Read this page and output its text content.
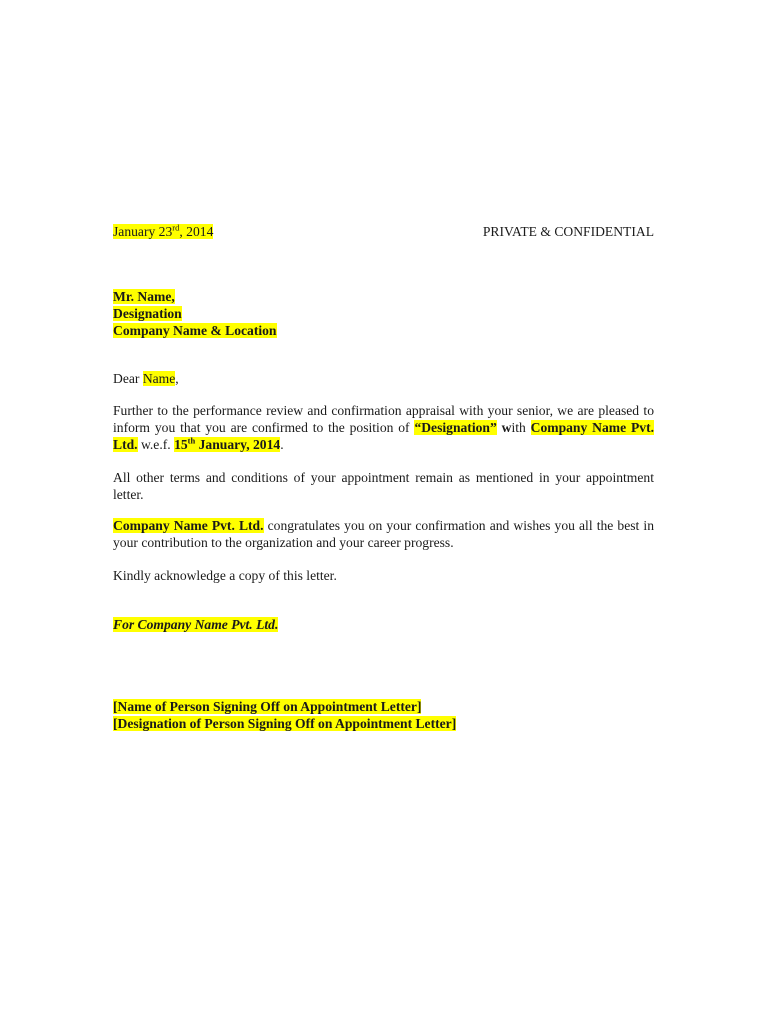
January 23rd, 2014	PRIVATE & CONFIDENTIAL
Mr. Name,
Designation
Company Name & Location
Dear Name,
Further to the performance review and confirmation appraisal with your senior, we are pleased to
inform you that you are confirmed to the position of “Designation” with Company Name Pvt.
Ltd. w.e.f. 15th January, 2014.
All other terms and conditions of your appointment remain as mentioned in your appointment
letter.
Company Name Pvt. Ltd. congratulates you on your confirmation and wishes you all the best in
your contribution to the organization and your career progress.
Kindly acknowledge a copy of this letter.
For Company Name Pvt. Ltd.
[Name of Person Signing Off on Appointment Letter]
[Designation of Person Signing Off on Appointment Letter]
